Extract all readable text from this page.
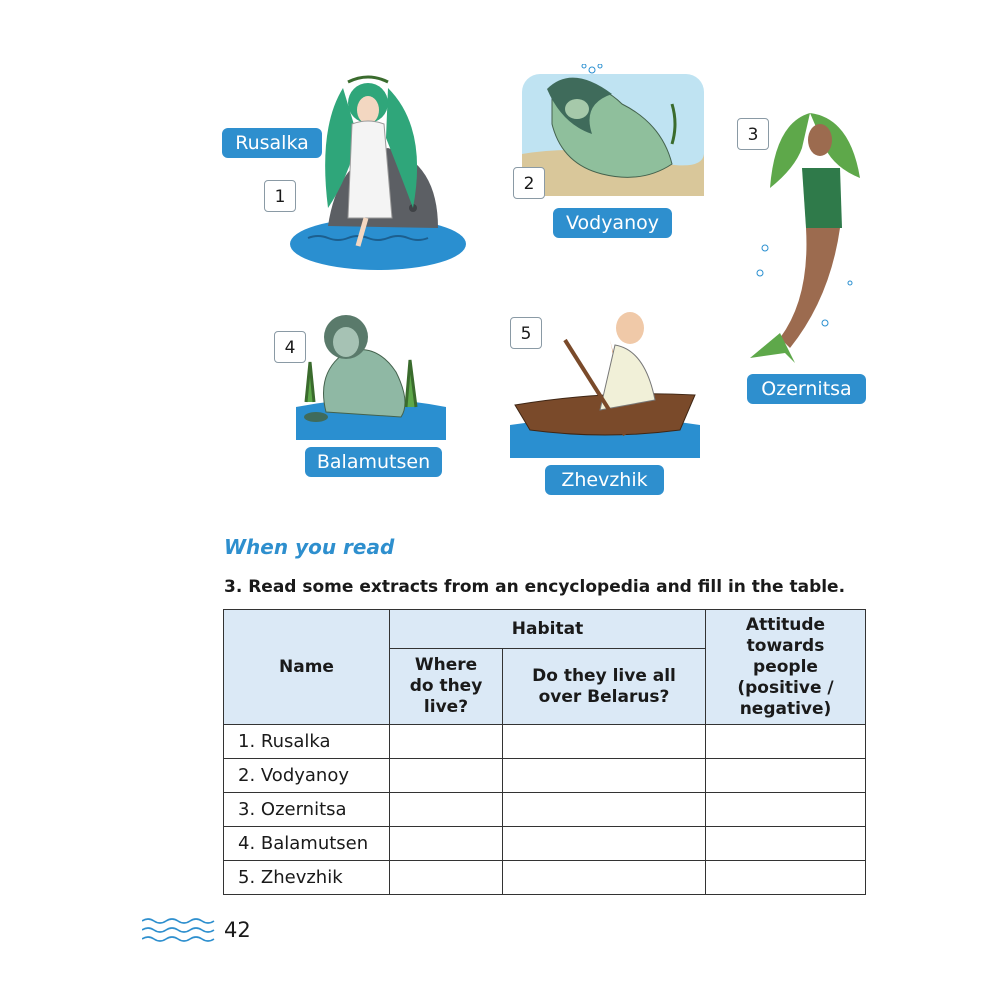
Rusalka
1
2
Vodyanoy
3
Ozernitsa
4
Balamutsen
5
Zhevzhik
When you read
3. Read some extracts from an encyclopedia and fill in the table.
Name	Habitat		Attitude towards people (positive / negative)
	Where do they live?	Do they live all over Belarus?	
1. Rusalka			
2. Vodyanoy			
3. Ozernitsa			
4. Balamutsen			
5. Zhevzhik			
42
